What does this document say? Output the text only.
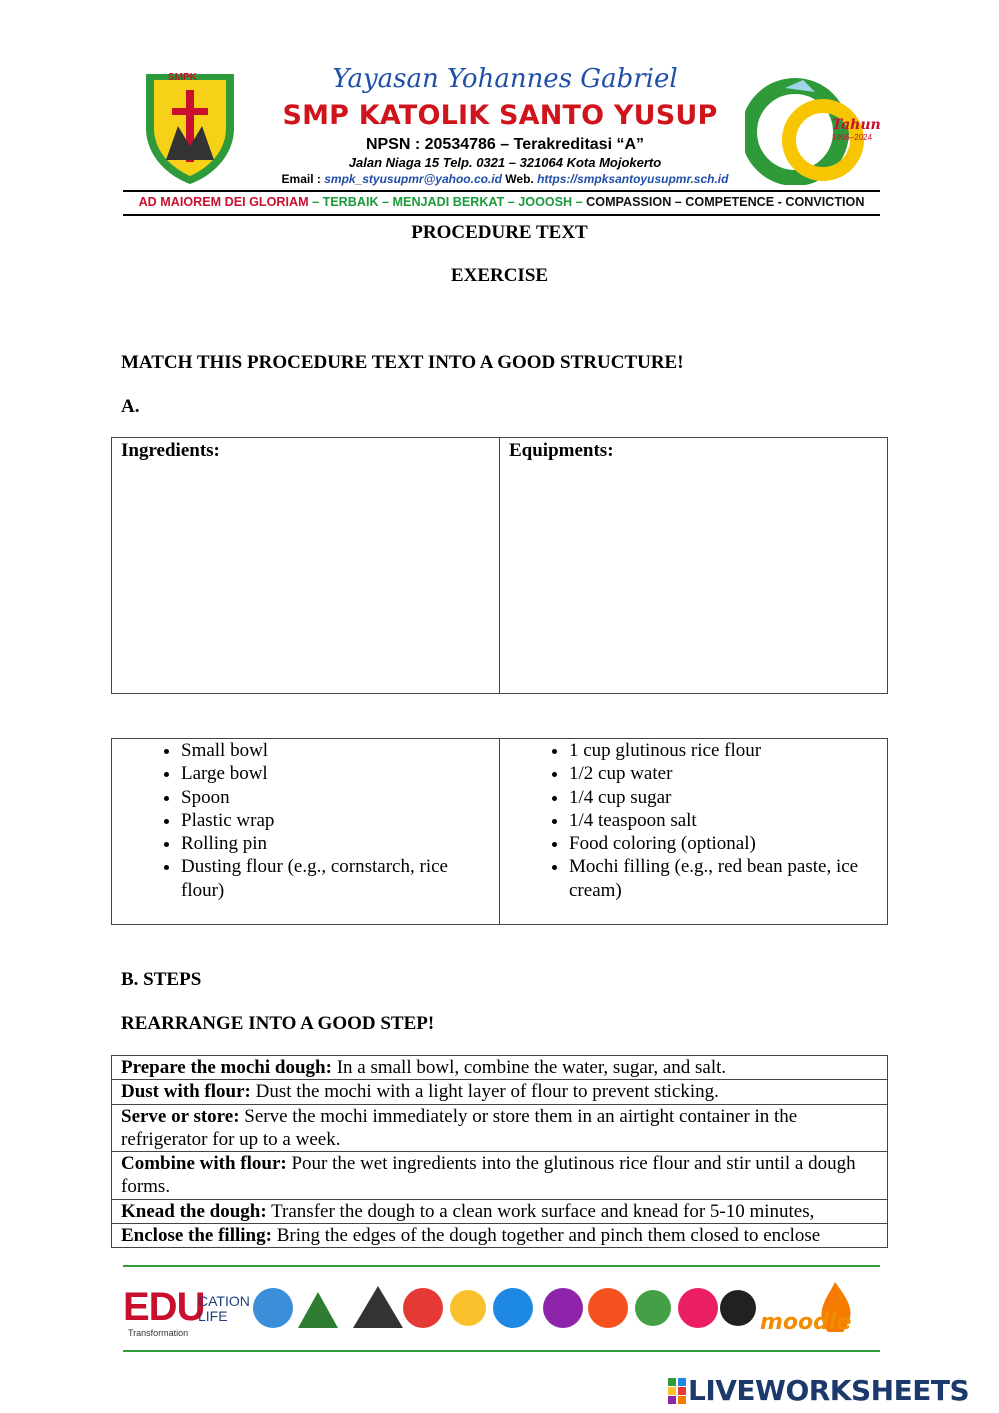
SMPK	Yayasan Yohannes Gabriel
SMP KATOLIK SANTO YUSUP
NPSN : 20534786 – Terakreditasi “A”
Jalan Niaga 15 Telp. 0321 – 321064 Kota Mojokerto
Email : smpk_styusupmr@yahoo.co.id Web. https://smpksantoyusupmr.sch.id
Tahun
1956–2024
AD MAIOREM DEI GLORIAM – TERBAIK – MENJADI BERKAT – JOOOSH – COMPASSION – COMPETENCE - CONVICTION
PROCEDURE TEXT
EXERCISE
MATCH THIS PROCEDURE TEXT INTO A GOOD STRUCTURE!
A.
Ingredients:	Equipments:
• Small bowl
• Large bowl
• Spoon
• Plastic wrap
• Rolling pin
• Dusting flour (e.g., cornstarch, rice flour)

• 1 cup glutinous rice flour
• 1/2 cup water
• 1/4 cup sugar
• 1/4 teaspoon salt
• Food coloring (optional)
• Mochi filling (e.g., red bean paste, ice cream)
B. STEPS
REARRANGE INTO A GOOD STEP!
Prepare the mochi dough: In a small bowl, combine the water, sugar, and salt.
Dust with flour: Dust the mochi with a light layer of flour to prevent sticking.
Serve or store: Serve the mochi immediately or store them in an airtight container in the refrigerator for up to a week.
Combine with flour: Pour the wet ingredients into the glutinous rice flour and stir until a dough forms.
Knead the dough: Transfer the dough to a clean work surface and knead for 5-10 minutes,
Enclose the filling: Bring the edges of the dough together and pinch them closed to enclose
EDU
CATION
LIFE
Transformation	moodle
LIVEWORKSHEETS
